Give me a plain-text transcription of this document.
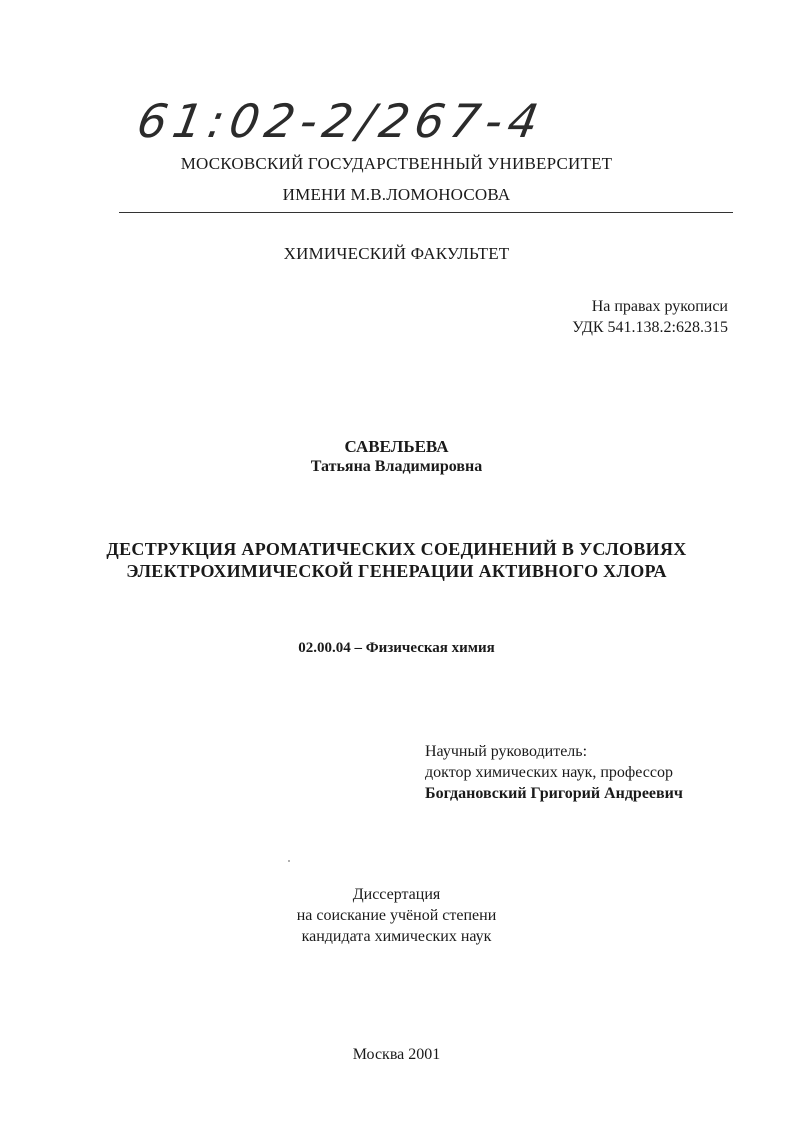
61:02-2/267-4
МОСКОВСКИЙ ГОСУДАРСТВЕННЫЙ УНИВЕРСИТЕТ
ИМЕНИ М.В.ЛОМОНОСОВА
ХИМИЧЕСКИЙ ФАКУЛЬТЕТ
На правах рукописи
УДК 541.138.2:628.315
САВЕЛЬЕВА
Татьяна Владимировна
ДЕСТРУКЦИЯ АРОМАТИЧЕСКИХ СОЕДИНЕНИЙ В УСЛОВИЯХ
ЭЛЕКТРОХИМИЧЕСКОЙ ГЕНЕРАЦИИ АКТИВНОГО ХЛОРА
02.00.04 – Физическая химия
Научный руководитель:
доктор химических наук, профессор
Богдановский Григорий Андреевич
Диссертация
на соискание учёной степени
кандидата химических наук
Москва 2001
